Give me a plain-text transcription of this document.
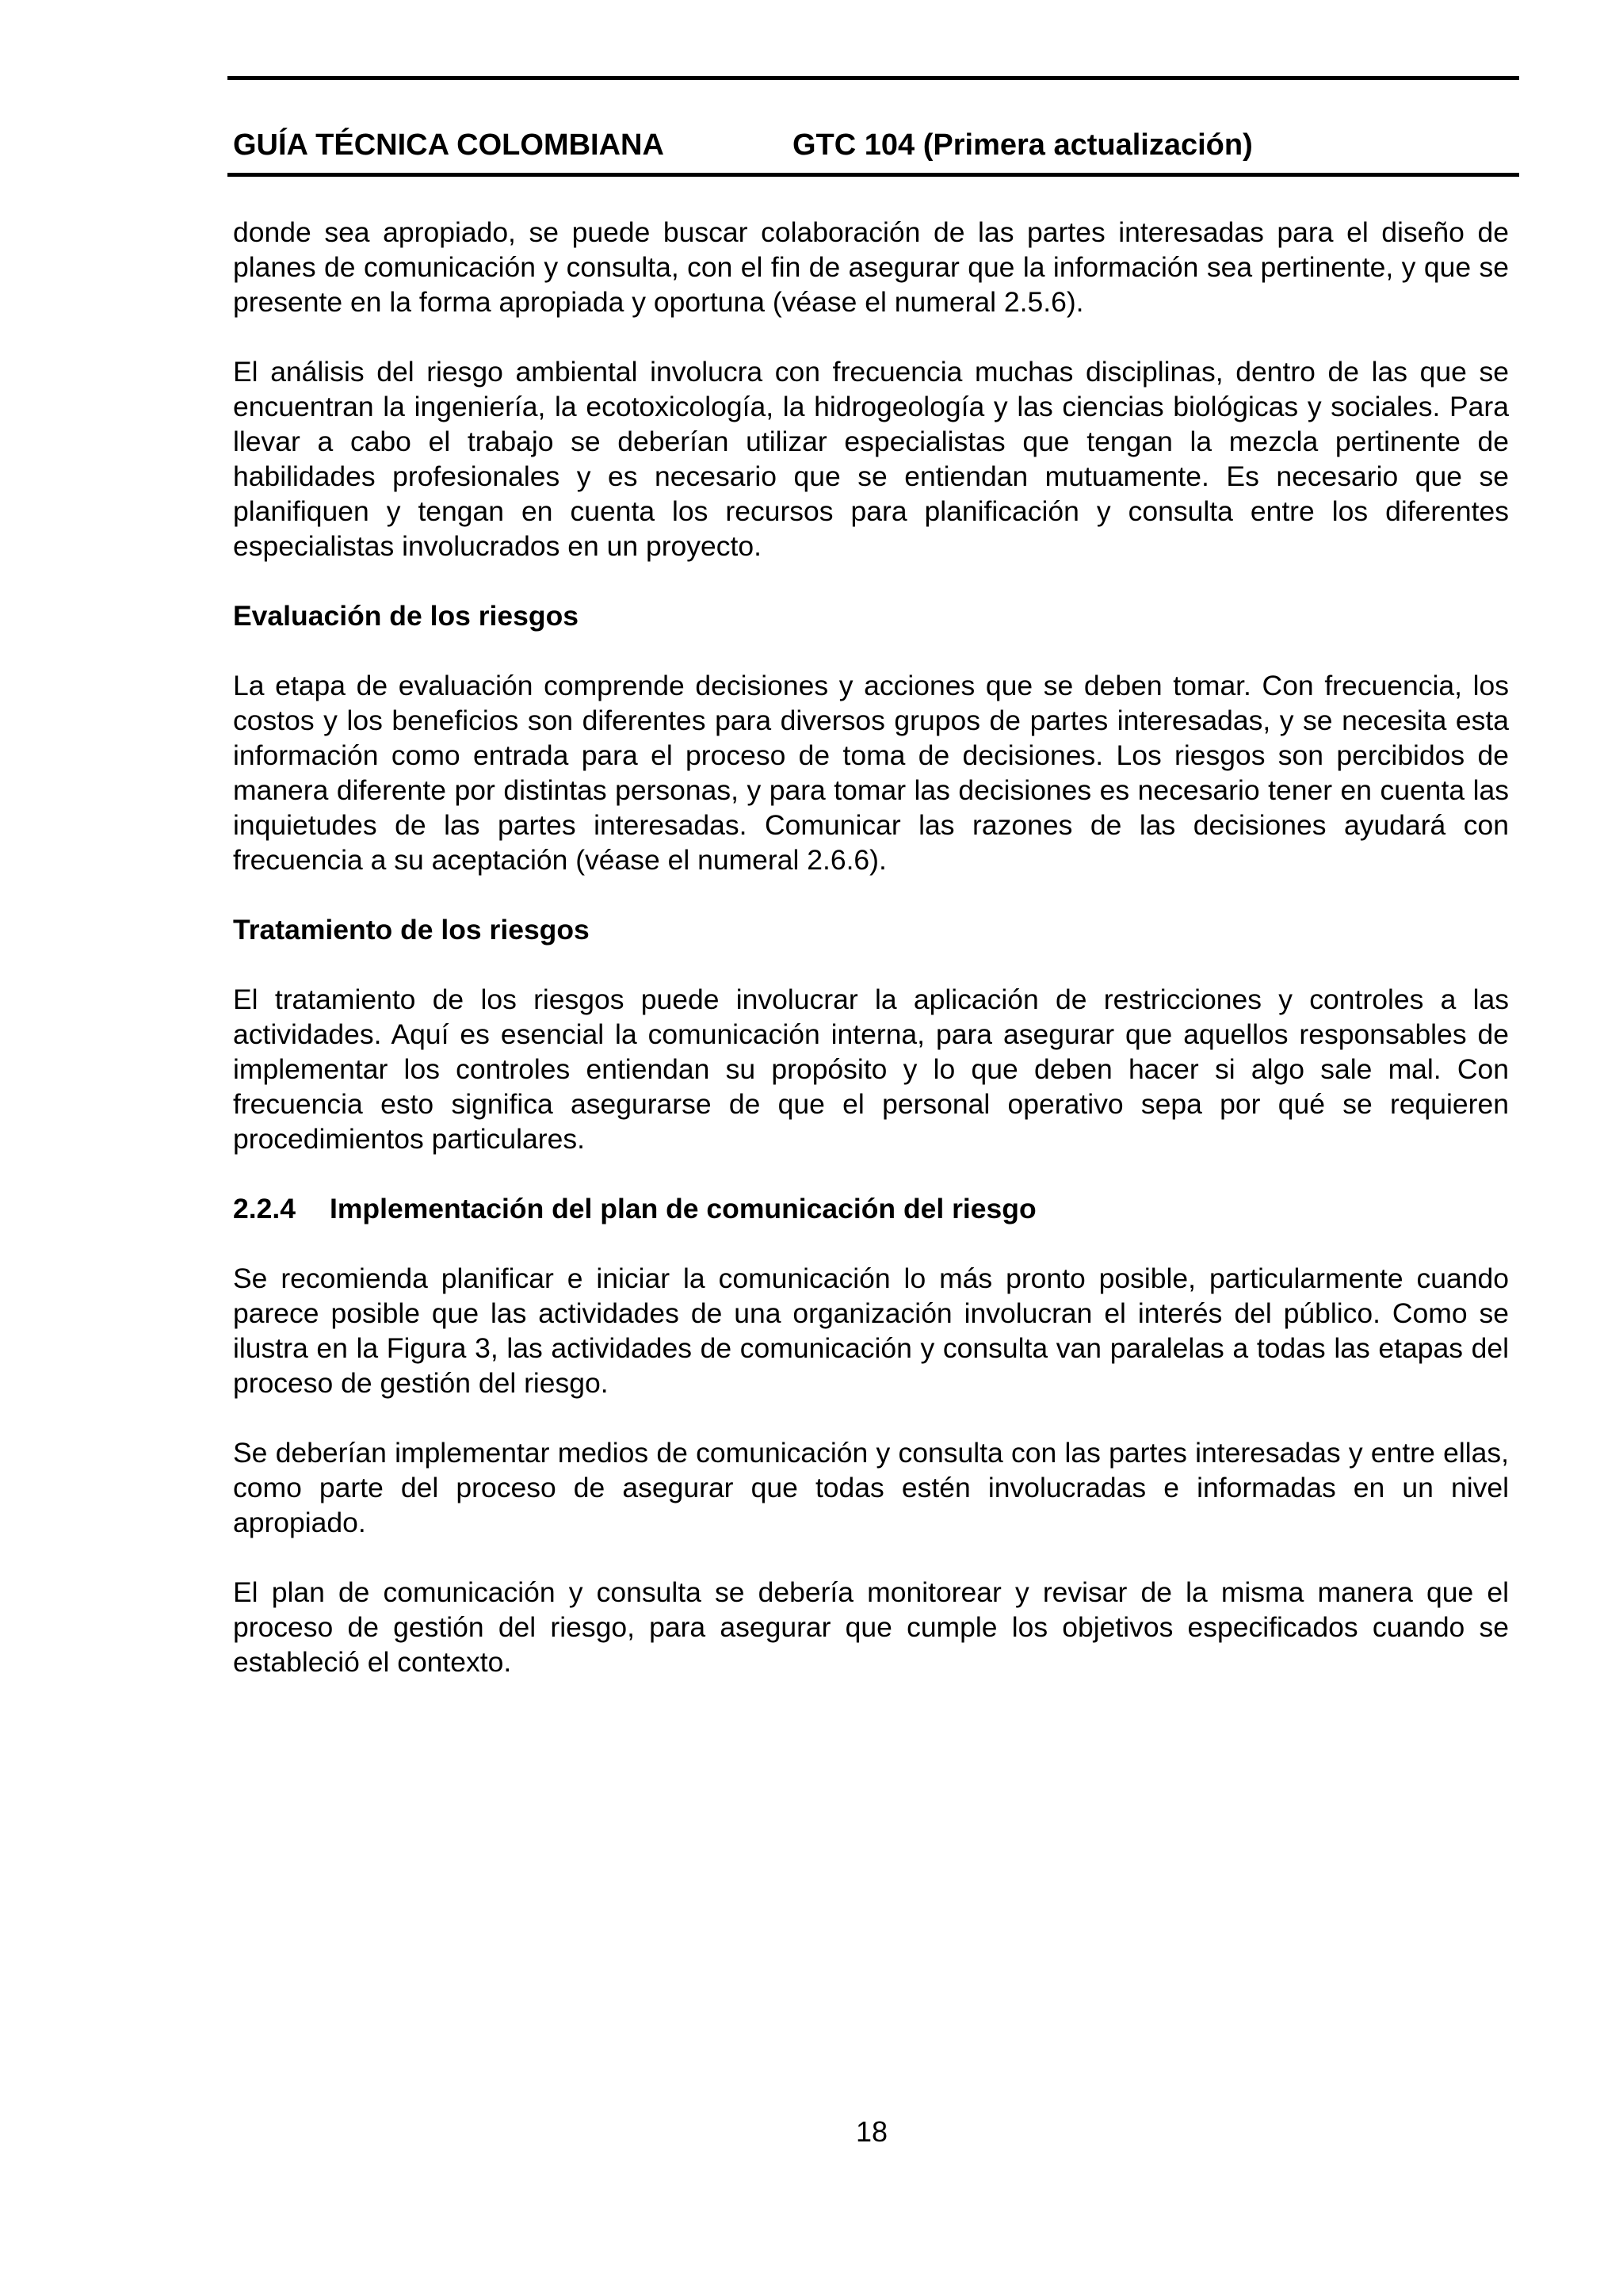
GUÍA TÉCNICA COLOMBIANA	GTC 104 (Primera actualización)

donde sea apropiado, se puede buscar colaboración de las partes interesadas para el diseño de planes de comunicación y consulta, con el fin de asegurar que la información sea pertinente, y que se presente en la forma apropiada y oportuna (véase el numeral 2.5.6).

El análisis del riesgo ambiental involucra con frecuencia muchas disciplinas, dentro de las que se encuentran la ingeniería, la ecotoxicología, la hidrogeología y las ciencias biológicas y sociales. Para llevar a cabo el trabajo se deberían utilizar especialistas que tengan la mezcla pertinente de habilidades profesionales y es necesario que se entiendan mutuamente. Es necesario que se planifiquen y tengan en cuenta los recursos para planificación y consulta entre los diferentes especialistas involucrados en un proyecto.

Evaluación de los riesgos

La etapa de evaluación comprende decisiones y acciones que se deben tomar. Con frecuencia, los costos y los beneficios son diferentes para diversos grupos de partes interesadas, y se necesita esta información como entrada para el proceso de toma de decisiones. Los riesgos son percibidos de manera diferente por distintas personas, y para tomar las decisiones es necesario tener en cuenta las inquietudes de las partes interesadas. Comunicar las razones de las decisiones ayudará con frecuencia a su aceptación (véase el numeral 2.6.6).

Tratamiento de los riesgos

El tratamiento de los riesgos puede involucrar la aplicación de restricciones y controles a las actividades. Aquí es esencial la comunicación interna, para asegurar que aquellos responsables de implementar los controles entiendan su propósito y lo que deben hacer si algo sale mal. Con frecuencia esto significa asegurarse de que el personal operativo sepa por qué se requieren procedimientos particulares.

2.2.4 Implementación del plan de comunicación del riesgo

Se recomienda planificar e iniciar la comunicación lo más pronto posible, particularmente cuando parece posible que las actividades de una organización involucran el interés del público. Como se ilustra en la Figura 3, las actividades de comunicación y consulta van paralelas a todas las etapas del proceso de gestión del riesgo.

Se deberían implementar medios de comunicación y consulta con las partes interesadas y entre ellas, como parte del proceso de asegurar que todas estén involucradas e informadas en un nivel apropiado.

El plan de comunicación y consulta se debería monitorear y revisar de la misma manera que el proceso de gestión del riesgo, para asegurar que cumple los objetivos especificados cuando se estableció el contexto.

18
